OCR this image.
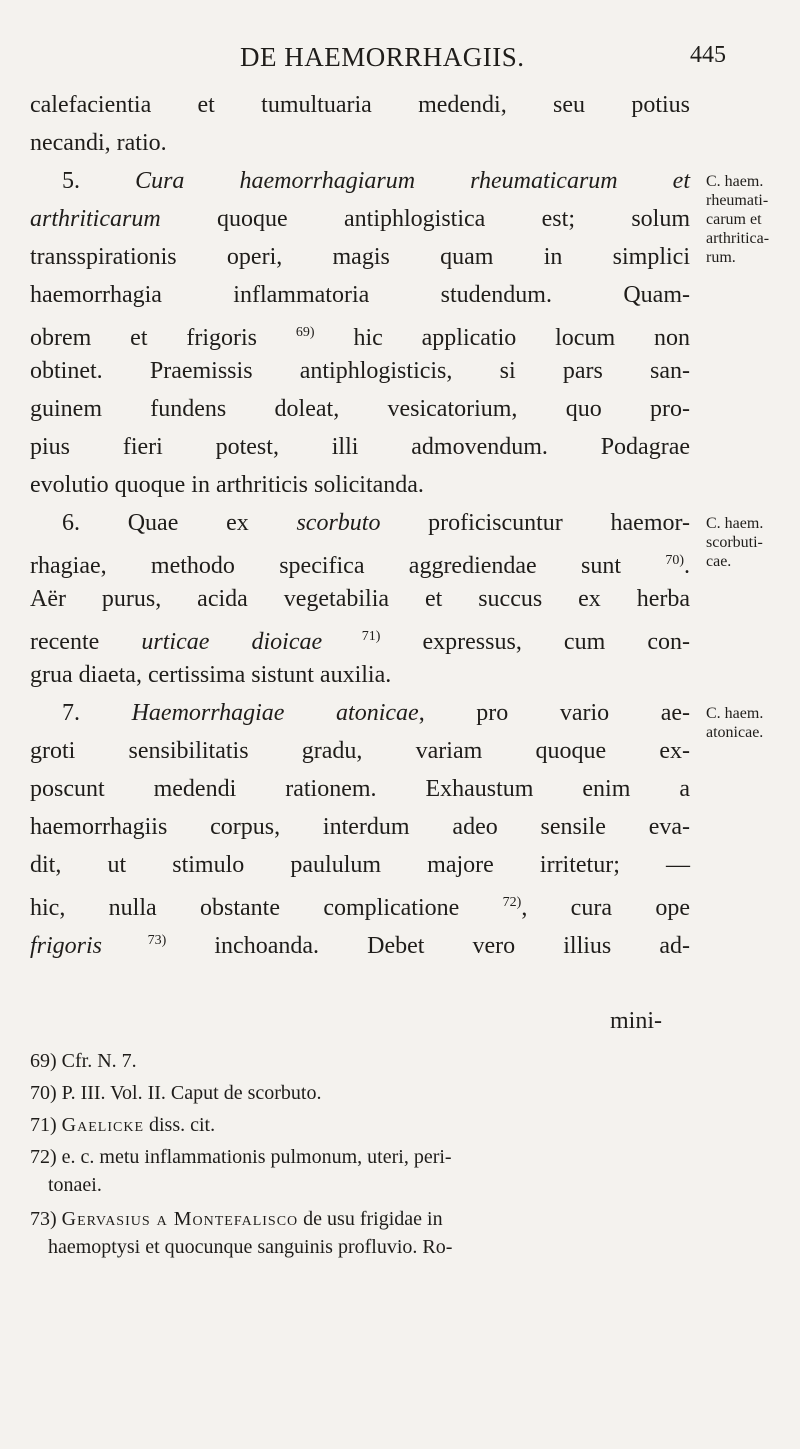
DE HAEMORRHAGIIS.	445
calefacientia et tumultuaria medendi, seu potius
necandi, ratio.
5. Cura haemorrhagiarum rheumaticarum et
arthriticarum quoque antiphlogistica est; solum
transspirationis operi, magis quam in simplici
haemorrhagia inflammatoria studendum. Quam-
obrem et frigoris $^{69)}$ hic applicatio locum non
obtinet. Praemissis antiphlogisticis, si pars san-
guinem fundens doleat, vesicatorium, quo pro-
pius fieri potest, illi admovendum. Podagrae
evolutio quoque in arthriticis solicitanda.
6. Quae ex scorbuto proficiscuntur haemor-
rhagiae, methodo specifica aggrediendae sunt $^{70)}$.
Aër purus, acida vegetabilia et succus ex herba
recente urticae dioicae $^{71)}$ expressus, cum con-
grua diaeta, certissima sistunt auxilia.
7. Haemorrhagiae atonicae, pro vario ae-
groti sensibilitatis gradu, variam quoque ex-
poscunt medendi rationem. Exhaustum enim a
haemorrhagiis corpus, interdum adeo sensile eva-
dit, ut stimulo paululum majore irritetur; —
hic, nulla obstante complicatione $^{72)}$, cura ope
frigoris $^{73)}$ inchoanda. Debet vero illius ad-
mini-
C. haem.
rheumati-
carum et
arthritica-
rum.
C. haem.
scorbuti-
cae.
C. haem.
atonicae.
69) Cfr. N. 7.
70) P. III. Vol. II. Caput de scorbuto.
71) Gaelicke diss. cit.
72) e. c. metu inflammationis pulmonum, uteri, peri-
tonaei.
73) Gervasius a Montefalisco de usu frigidae in
haemoptysi et quocunque sanguinis profluvio. Ro-
